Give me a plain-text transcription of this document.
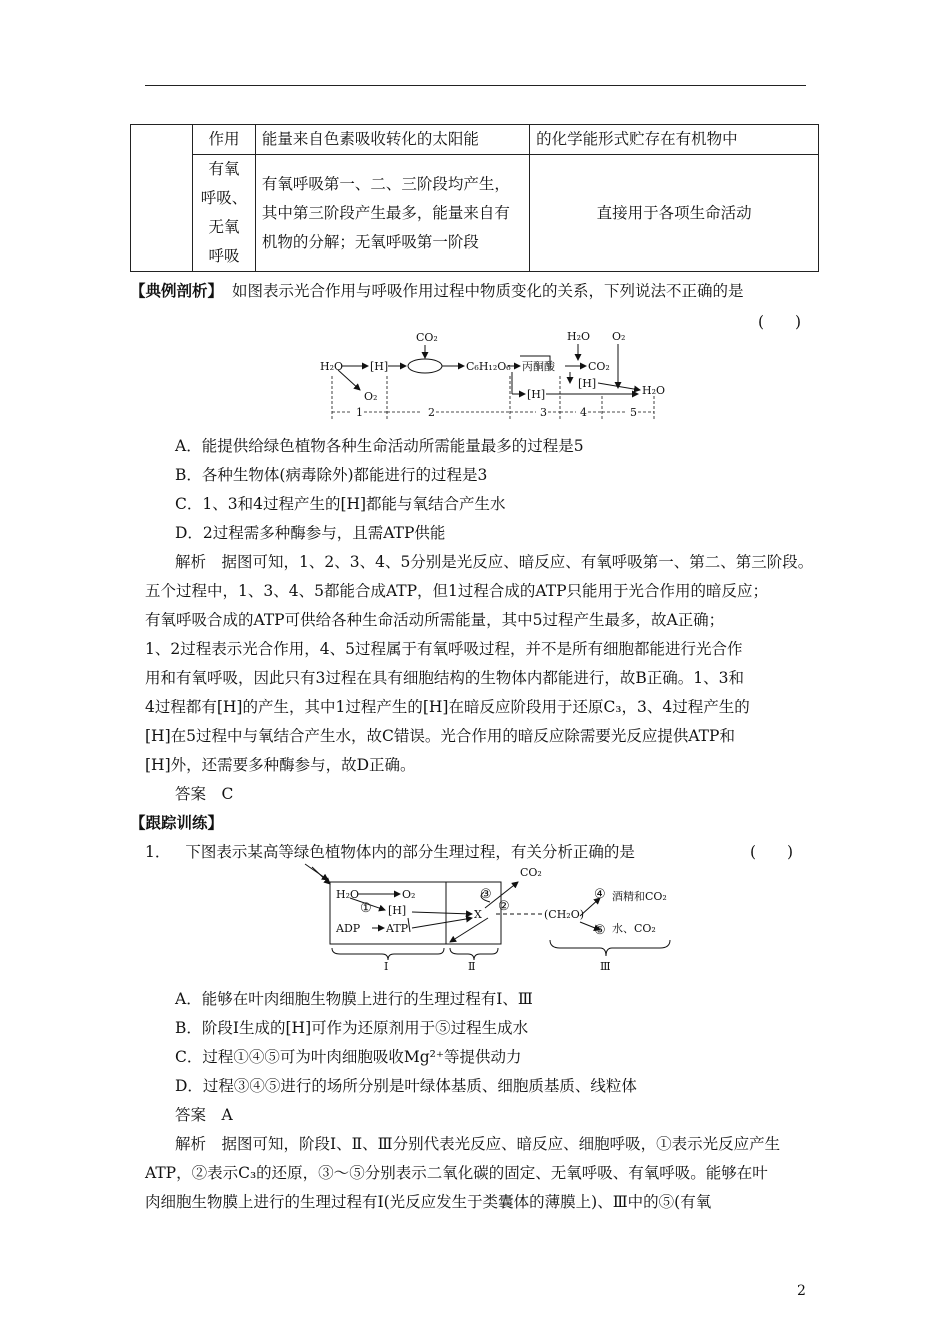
	作用	能量来自色素吸收转化的太阳能	的化学能形式贮存在有机物中
	有氧
呼吸、
无氧
呼吸	有氧呼吸第一、二、三阶段均产生，其中第三阶段产生最多，能量来自有机物的分解；无氧呼吸第一阶段	直接用于各项生命活动
【典例剖析】 如图表示光合作用与呼吸作用过程中物质变化的关系，下列说法不正确的是
(　　)
H₂O [H]
CO₂
C₆H₁₂O₆ 丙酮酸
H₂O O₂
CO₂
[H]
[H]	H₂O
O₂
1	2	3	4	5
A．能提供给绿色植物各种生命活动所需能量最多的过程是5
B．各种生物体(病毒除外)都能进行的过程是3
C．1、3和4过程产生的[H]都能与氧结合产生水
D．2过程需多种酶参与，且需ATP供能
解析　据图可知，1、2、3、4、5分别是光反应、暗反应、有氧呼吸第一、第二、第三阶段。
五个过程中，1、3、4、5都能合成ATP，但1过程合成的ATP只能用于光合作用的暗反应；
有氧呼吸合成的ATP可供给各种生命活动所需能量，其中5过程产生最多，故A正确；
1、2过程表示光合作用，4、5过程属于有氧呼吸过程，并不是所有细胞都能进行光合作
用和有氧呼吸，因此只有3过程在具有细胞结构的生物体内都能进行，故B正确。1、3和
4过程都有[H]的产生，其中1过程产生的[H]在暗反应阶段用于还原C₃，3、4过程产生的
[H]在5过程中与氧结合产生水，故C错误。光合作用的暗反应除需要光反应提供ATP和
[H]外，还需要多种酶参与，故D正确。
答案　C
【跟踪训练】
1． 下图表示某高等绿色植物体内的部分生理过程，有关分析正确的是	(　　)
H₂O	O₂
① [H]
ADP ATP
③
CO₂
X
②
(CH₂O)
④ 酒精和CO₂
⑤ 水、CO₂
Ⅰ	Ⅱ	Ⅲ
A．能够在叶肉细胞生物膜上进行的生理过程有Ⅰ、Ⅲ
B．阶段Ⅰ生成的[H]可作为还原剂用于⑤过程生成水
C．过程①④⑤可为叶肉细胞吸收Mg²⁺等提供动力
D．过程③④⑤进行的场所分别是叶绿体基质、细胞质基质、线粒体
答案　A
解析　据图可知，阶段Ⅰ、Ⅱ、Ⅲ分别代表光反应、暗反应、细胞呼吸，①表示光反应产生
ATP，②表示C₃的还原，③～⑤分别表示二氧化碳的固定、无氧呼吸、有氧呼吸。能够在叶
肉细胞生物膜上进行的生理过程有Ⅰ(光反应发生于类囊体的薄膜上)、Ⅲ中的⑤(有氧
2
